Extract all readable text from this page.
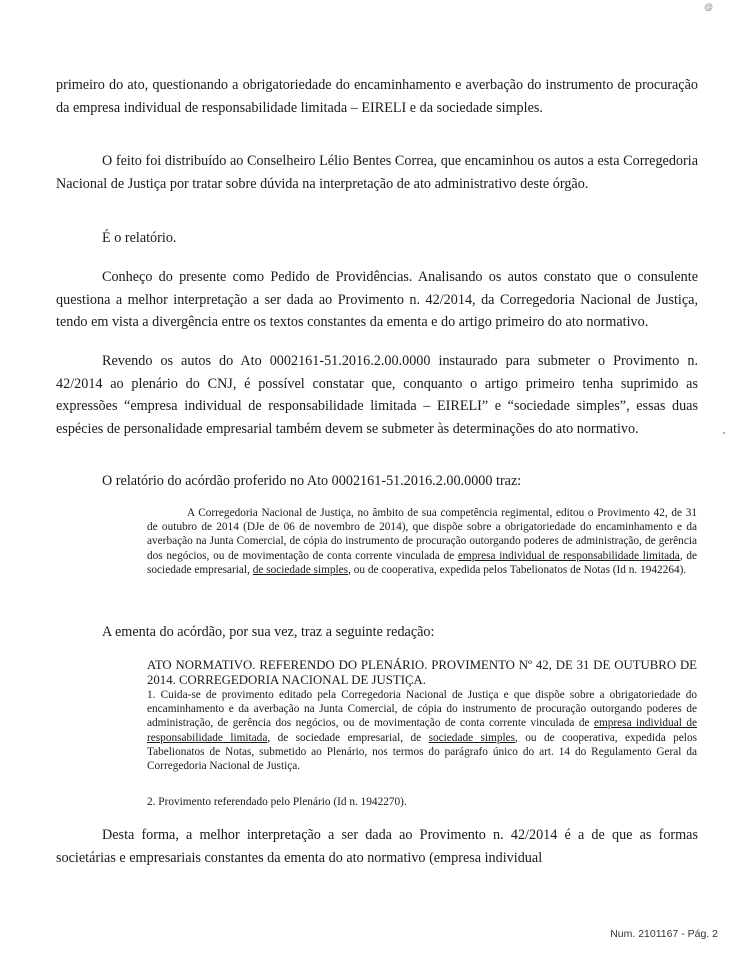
@

primeiro do ato, questionando a obrigatoriedade do encaminhamento e averbação do instrumento de procuração da empresa individual de responsabilidade limitada – EIRELI e da sociedade simples.

O feito foi distribuído ao Conselheiro Lélio Bentes Correa, que encaminhou os autos a esta Corregedoria Nacional de Justiça por tratar sobre dúvida na interpretação de ato administrativo deste órgão.

É o relatório.

Conheço do presente como Pedido de Providências. Analisando os autos constato que o consulente questiona a melhor interpretação a ser dada ao Provimento n. 42/2014, da Corregedoria Nacional de Justiça, tendo em vista a divergência entre os textos constantes da ementa e do artigo primeiro do ato normativo.

Revendo os autos do Ato 0002161-51.2016.2.00.0000 instaurado para submeter o Provimento n. 42/2014 ao plenário do CNJ, é possível constatar que, conquanto o artigo primeiro tenha suprimido as expressões “empresa individual de responsabilidade limitada – EIRELI” e “sociedade simples”, essas duas espécies de personalidade empresarial também devem se submeter às determinações do ato normativo.

O relatório do acórdão proferido no Ato 0002161-51.2016.2.00.0000 traz:

A Corregedoria Nacional de Justiça, no âmbito de sua competência regimental, editou o Provimento 42, de 31 de outubro de 2014 (DJe de 06 de novembro de 2014), que dispõe sobre a obrigatoriedade do encaminhamento e da averbação na Junta Comercial, de cópia do instrumento de procuração outorgando poderes de administração, de gerência dos negócios, ou de movimentação de conta corrente vinculada de empresa individual de responsabilidade limitada, de sociedade empresarial, de sociedade simples, ou de cooperativa, expedida pelos Tabelionatos de Notas (Id n. 1942264).

A ementa do acórdão, por sua vez, traz a seguinte redação:

ATO NORMATIVO. REFERENDO DO PLENÁRIO. PROVIMENTO Nº 42, DE 31 DE OUTUBRO DE 2014. CORREGEDORIA NACIONAL DE JUSTIÇA.

1. Cuida-se de provimento editado pela Corregedoria Nacional de Justiça e que dispõe sobre a obrigatoriedade do encaminhamento e da averbação na Junta Comercial, de cópia do instrumento de procuração outorgando poderes de administração, de gerência dos negócios, ou de movimentação de conta corrente vinculada de empresa individual de responsabilidade limitada, de sociedade empresarial, de sociedade simples, ou de cooperativa, expedida pelos Tabelionatos de Notas, submetido ao Plenário, nos termos do parágrafo único do art. 14 do Regulamento Geral da Corregedoria Nacional de Justiça.

2. Provimento referendado pelo Plenário (Id n. 1942270).

Desta forma, a melhor interpretação a ser dada ao Provimento n. 42/2014 é a de que as formas societárias e empresariais constantes da ementa do ato normativo (empresa individual

Num. 2101167 - Pág. 2
